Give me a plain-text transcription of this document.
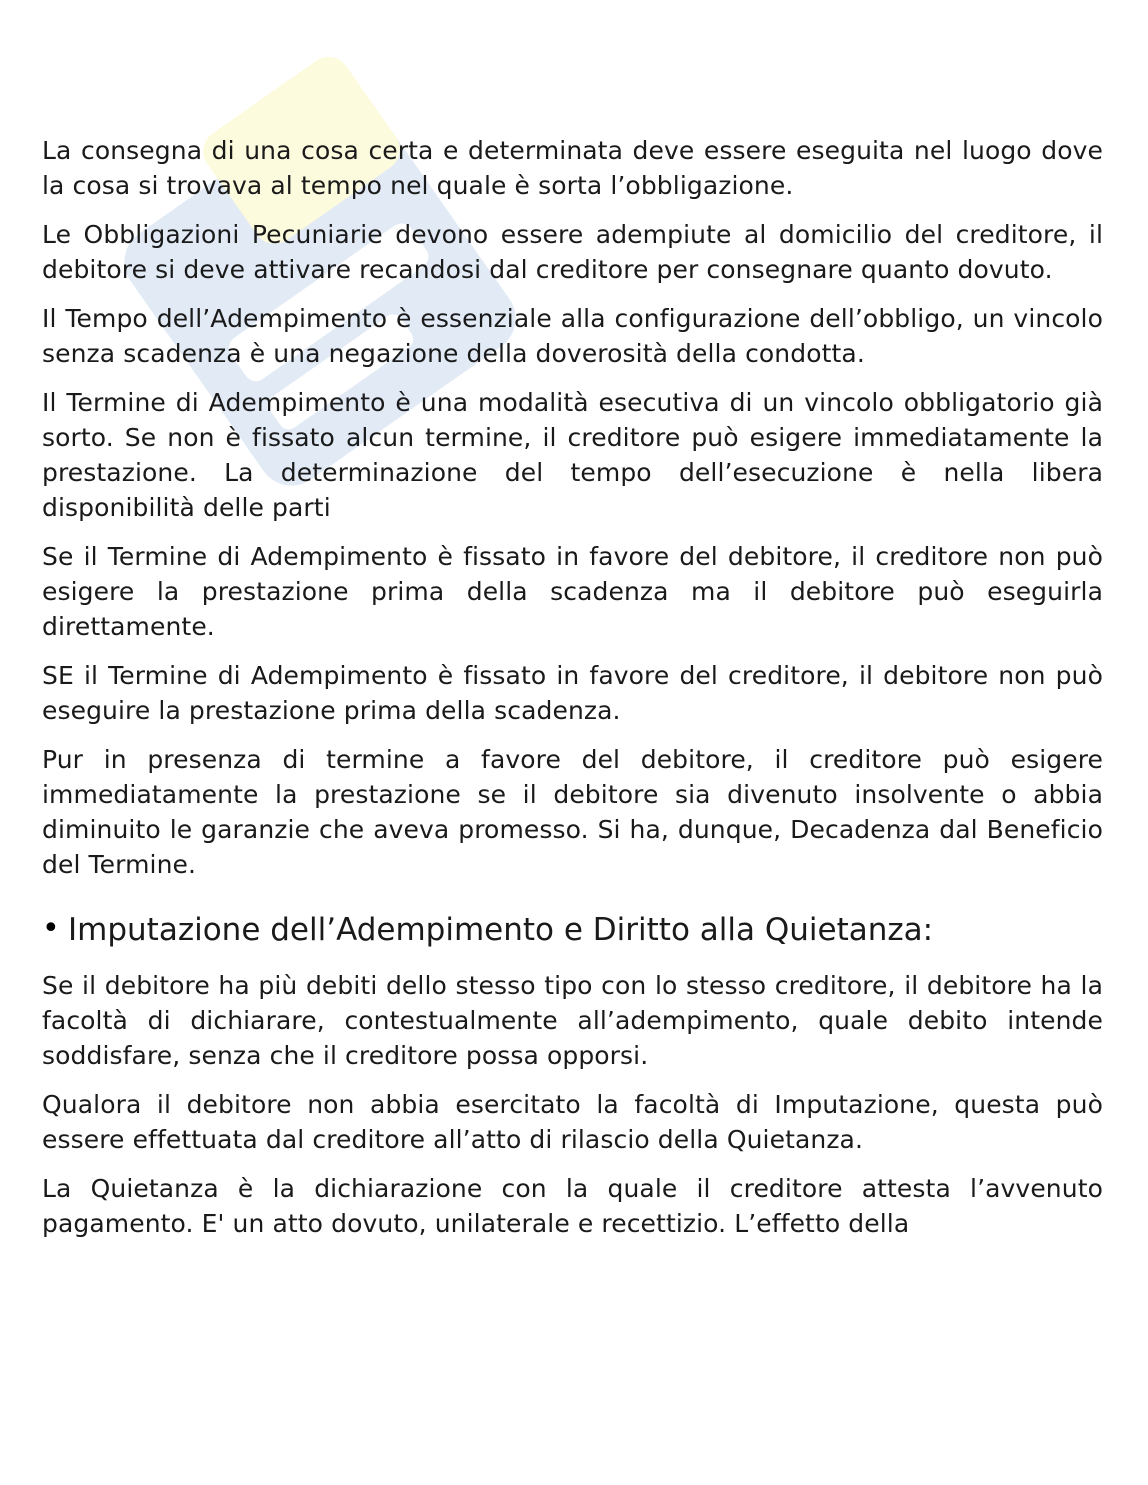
La consegna di una cosa certa e determinata deve essere eseguita nel luogo dove la cosa si trovava al tempo nel quale è sorta l’obbligazione.

Le Obbligazioni Pecuniarie devono essere adempiute al domicilio del creditore, il debitore si deve attivare recandosi dal creditore per consegnare quanto dovuto.

Il Tempo dell’Adempimento è essenziale alla configurazione dell’obbligo, un vincolo senza scadenza è una negazione della doverosità della condotta.

Il Termine di Adempimento è una modalità esecutiva di un vincolo obbligatorio già sorto. Se non è fissato alcun termine, il creditore può esigere immediatamente la prestazione. La determinazione del tempo dell’esecuzione è nella libera disponibilità delle parti

Se il Termine di Adempimento è fissato in favore del debitore, il creditore non può esigere la prestazione prima della scadenza ma il debitore può eseguirla direttamente.

SE il Termine di Adempimento è fissato in favore del creditore, il debitore non può eseguire la prestazione prima della scadenza.

Pur in presenza di termine a favore del debitore, il creditore può esigere immediatamente la prestazione se il debitore sia divenuto insolvente o abbia diminuito le garanzie che aveva promesso. Si ha, dunque, Decadenza dal Beneficio del Termine.

• Imputazione dell’Adempimento e Diritto alla Quietanza:

Se il debitore ha più debiti dello stesso tipo con lo stesso creditore, il debitore ha la facoltà di dichiarare, contestualmente all’adempimento, quale debito intende soddisfare, senza che il creditore possa opporsi.

Qualora il debitore non abbia esercitato la facoltà di Imputazione, questa può essere effettuata dal creditore all’atto di rilascio della Quietanza.

La Quietanza è la dichiarazione con la quale il creditore attesta l’avvenuto pagamento. E' un atto dovuto, unilaterale e recettizio. L’effetto della
